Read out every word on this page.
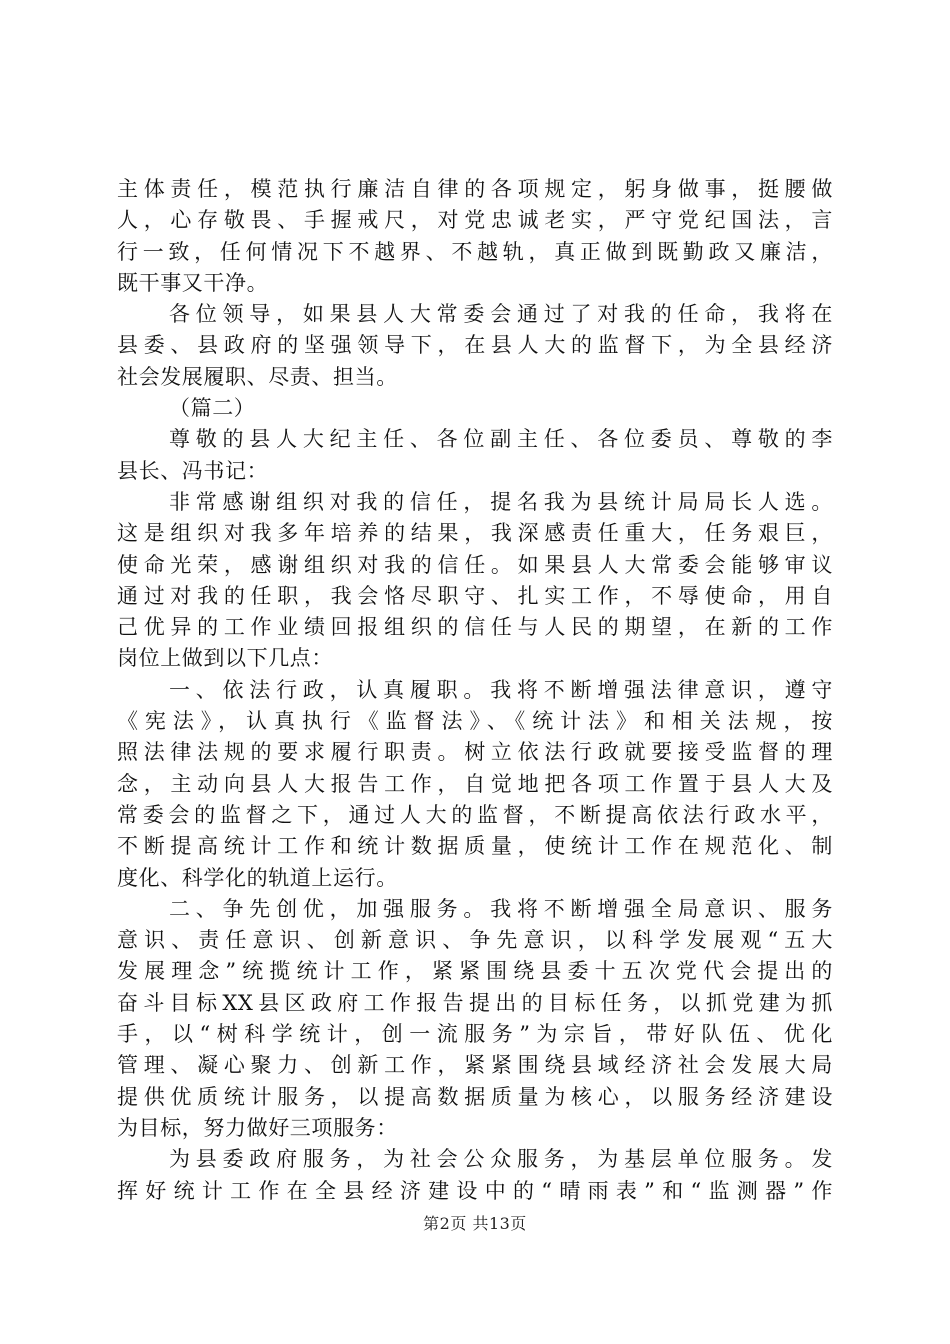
主体责任，模范执行廉洁自律的各项规定，躬身做事，挺腰做
人，心存敬畏、手握戒尺，对党忠诚老实，严守党纪国法，言
行一致，任何情况下不越界、不越轨，真正做到既勤政又廉洁，
既干事又干净。
各位领导，如果县人大常委会通过了对我的任命，我将在
县委、县政府的坚强领导下，在县人大的监督下，为全县经济
社会发展履职、尽责、担当。
（篇二）
尊敬的县人大纪主任、各位副主任、各位委员、尊敬的李
县长、冯书记：
非常感谢组织对我的信任，提名我为县统计局局长人选。
这是组织对我多年培养的结果，我深感责任重大，任务艰巨，
使命光荣，感谢组织对我的信任。如果县人大常委会能够审议
通过对我的任职，我会恪尽职守、扎实工作，不辱使命，用自
己优异的工作业绩回报组织的信任与人民的期望，在新的工作
岗位上做到以下几点：
一、依法行政，认真履职。我将不断增强法律意识，遵守
《宪法》，认真执行《监督法》、《统计法》和相关法规，按
照法律法规的要求履行职责。树立依法行政就要接受监督的理
念，主动向县人大报告工作，自觉地把各项工作置于县人大及
常委会的监督之下，通过人大的监督，不断提高依法行政水平，
不断提高统计工作和统计数据质量，使统计工作在规范化、制
度化、科学化的轨道上运行。
二、争先创优，加强服务。我将不断增强全局意识、服务
意识、责任意识、创新意识、争先意识，以科学发展观“五大
发展理念”统揽统计工作，紧紧围绕县委十五次党代会提出的
奋斗目标XX县区政府工作报告提出的目标任务，以抓党建为抓
手，以“树科学统计，创一流服务”为宗旨，带好队伍、优化
管理、凝心聚力、创新工作，紧紧围绕县域经济社会发展大局
提供优质统计服务，以提高数据质量为核心，以服务经济建设
为目标，努力做好三项服务：
为县委政府服务，为社会公众服务，为基层单位服务。发
挥好统计工作在全县经济建设中的“晴雨表”和“监测器”作
第2页 共13页
